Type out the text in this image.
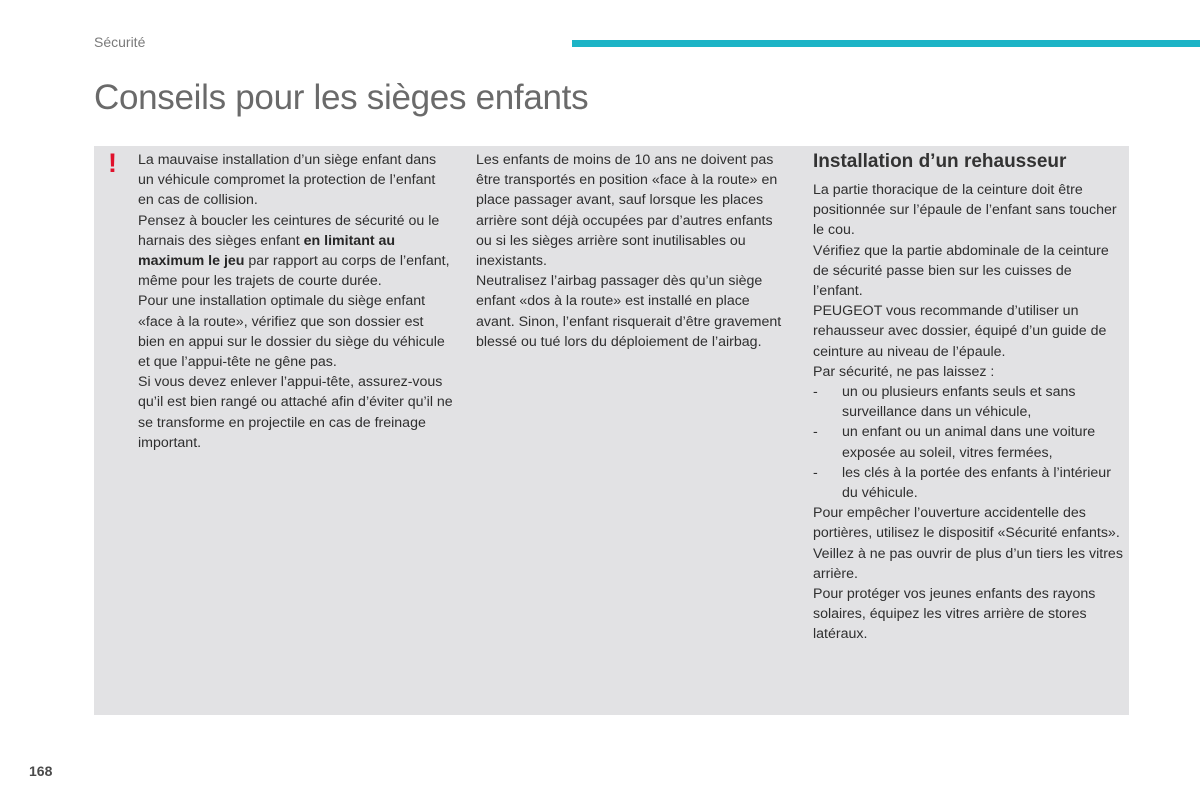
Sécurité
Conseils pour les sièges enfants
! La mauvaise installation d’un siège enfant dans un véhicule compromet la protection de l’enfant en cas de collision.

Pensez à boucler les ceintures de sécurité ou le harnais des sièges enfant en limitant au maximum le jeu par rapport au corps de l’enfant, même pour les trajets de courte durée.

Pour une installation optimale du siège enfant «face à la route», vérifiez que son dossier est bien en appui sur le dossier du siège du véhicule et que l’appui-tête ne gêne pas.

Si vous devez enlever l’appui-tête, assurez-vous qu’il est bien rangé ou attaché afin d’éviter qu’il ne se transforme en projectile en cas de freinage important.

Les enfants de moins de 10 ans ne doivent pas être transportés en position «face à la route» en place passager avant, sauf lorsque les places arrière sont déjà occupées par d’autres enfants ou si les sièges arrière sont inutilisables ou inexistants.

Neutralisez l’airbag passager dès qu’un siège enfant «dos à la route» est installé en place avant. Sinon, l’enfant risquerait d’être gravement blessé ou tué lors du déploiement de l’airbag.

Installation d’un rehausseur

La partie thoracique de la ceinture doit être positionnée sur l’épaule de l’enfant sans toucher le cou.

Vérifiez que la partie abdominale de la ceinture de sécurité passe bien sur les cuisses de l’enfant.

PEUGEOT vous recommande d’utiliser un rehausseur avec dossier, équipé d’un guide de ceinture au niveau de l’épaule.

Par sécurité, ne pas laissez :

- un ou plusieurs enfants seuls et sans surveillance dans un véhicule,
- un enfant ou un animal dans une voiture exposée au soleil, vitres fermées,
- les clés à la portée des enfants à l’intérieur du véhicule.

Pour empêcher l’ouverture accidentelle des portières, utilisez le dispositif «Sécurité enfants».

Veillez à ne pas ouvrir de plus d’un tiers les vitres arrière.

Pour protéger vos jeunes enfants des rayons solaires, équipez les vitres arrière de stores latéraux.

168
